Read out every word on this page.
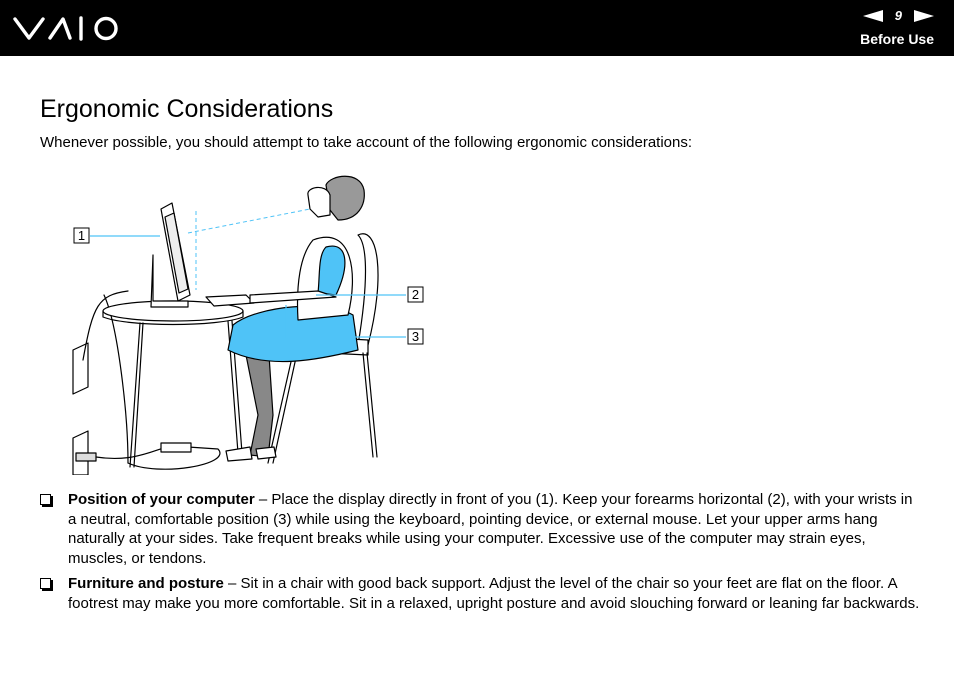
9
Before Use
Ergonomic Considerations

Whenever possible, you should attempt to take account of the following ergonomic considerations:

1
2
3
Position of your computer – Place the display directly in front of you (1). Keep your forearms horizontal (2), with your wrists in a neutral, comfortable position (3) while using the keyboard, pointing device, or external mouse. Let your upper arms hang naturally at your sides. Take frequent breaks while using your computer. Excessive use of the computer may strain eyes, muscles, or tendons.
Furniture and posture – Sit in a chair with good back support. Adjust the level of the chair so your feet are flat on the floor. A footrest may make you more comfortable. Sit in a relaxed, upright posture and avoid slouching forward or leaning far backwards.
